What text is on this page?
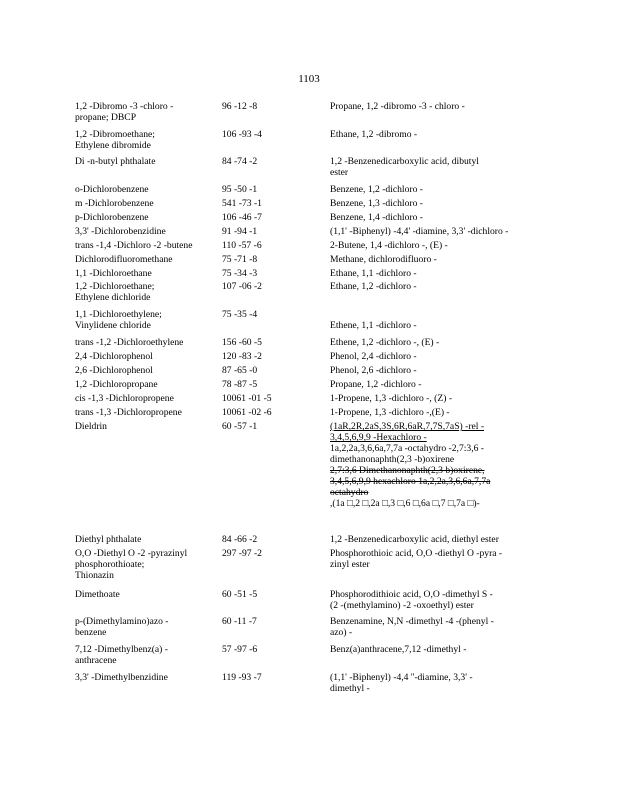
1103
1,2 -Dibromo -3 -chloro -
propane; DBCP
96 -12 -8	Propane, 1,2 -dibromo -3 - chloro -
1,2 -Dibromoethane;
Ethylene dibromide
106 -93 -4	Ethane, 1,2 -dibromo -
Di -n-butyl phthalate	84 -74 -2	1,2 -Benzenedicarboxylic acid, dibutyl
ester
o-Dichlorobenzene	95 -50 -1	Benzene, 1,2 -dichloro -
m -Dichlorobenzene	541 -73 -1	Benzene, 1,3 -dichloro -
p-Dichlorobenzene	106 -46 -7	Benzene, 1,4 -dichloro -
3,3' -Dichlorobenzidine	91 -94 -1	(1,1' -Biphenyl) -4,4' -diamine, 3,3' -dichloro -
trans -1,4 -Dichloro -2 -butene	110 -57 -6	2-Butene, 1,4 -dichloro -, (E) -
Dichlorodifluoromethane	75 -71 -8	Methane, dichlorodifluoro -
1,1 -Dichloroethane	75 -34 -3	Ethane, 1,1 -dichloro -
1,2 -Dichloroethane;
Ethylene dichloride
107 -06 -2	Ethane, 1,2 -dichloro -
1,1 -Dichloroethylene;
Vinylidene chloride
75 -35 -4

Ethene, 1,1 -dichloro -
trans -1,2 -Dichloroethylene	156 -60 -5	Ethene, 1,2 -dichloro -, (E) -
2,4 -Dichlorophenol	120 -83 -2	Phenol, 2,4 -dichloro -
2,6 -Dichlorophenol	87 -65 -0	Phenol, 2,6 -dichloro -
1,2 -Dichloropropane	78 -87 -5	Propane, 1,2 -dichloro -
cis -1,3 -Dichloropropene	10061 -01 -5	1-Propene, 1,3 -dichloro -, (Z) -
trans -1,3 -Dichloropropene	10061 -02 -6	1-Propene, 1,3 -dichloro -,(E) -
Dieldrin	60 -57 -1	(1aR,2R,2aS,3S,6R,6aR,7,7S,7aS) -rel -
3,4,5,6,9,9 -Hexachloro -
1a,2,2a,3,6,6a,7,7a -octahydro -2,7:3,6 -
dimethanonaphth(2,3 -b)oxirene
2,7:3,6 Dimethanonaphth(2,3 b)oxirene,
3,4,5,6,9,9 hexachloro 1a,2,2a,3,6,6a,7,7a
octahydro
,(1a □,2 □,2a □,3 □,6 □,6a □,7 □,7a □)-
Diethyl phthalate	84 -66 -2	1,2 -Benzenedicarboxylic acid, diethyl ester
O,O -Diethyl O -2 -pyrazinyl
phosphorothioate;
Thionazin
297 -97 -2	Phosphorothioic acid, O,O -diethyl O -pyra -
zinyl ester
Dimethoate	60 -51 -5	Phosphorodithioic acid, O,O -dimethyl S -
(2 -(methylamino) -2 -oxoethyl) ester
p-(Dimethylamino)azo -
benzene
60 -11 -7	Benzenamine, N,N -dimethyl -4 -(phenyl -
azo) -
7,12 -Dimethylbenz(a) -
anthracene
57 -97 -6	Benz(a)anthracene,7,12 -dimethyl -
3,3' -Dimethylbenzidine	119 -93 -7	(1,1' -Biphenyl) -4,4 ''-diamine, 3,3' -
dimethyl -
